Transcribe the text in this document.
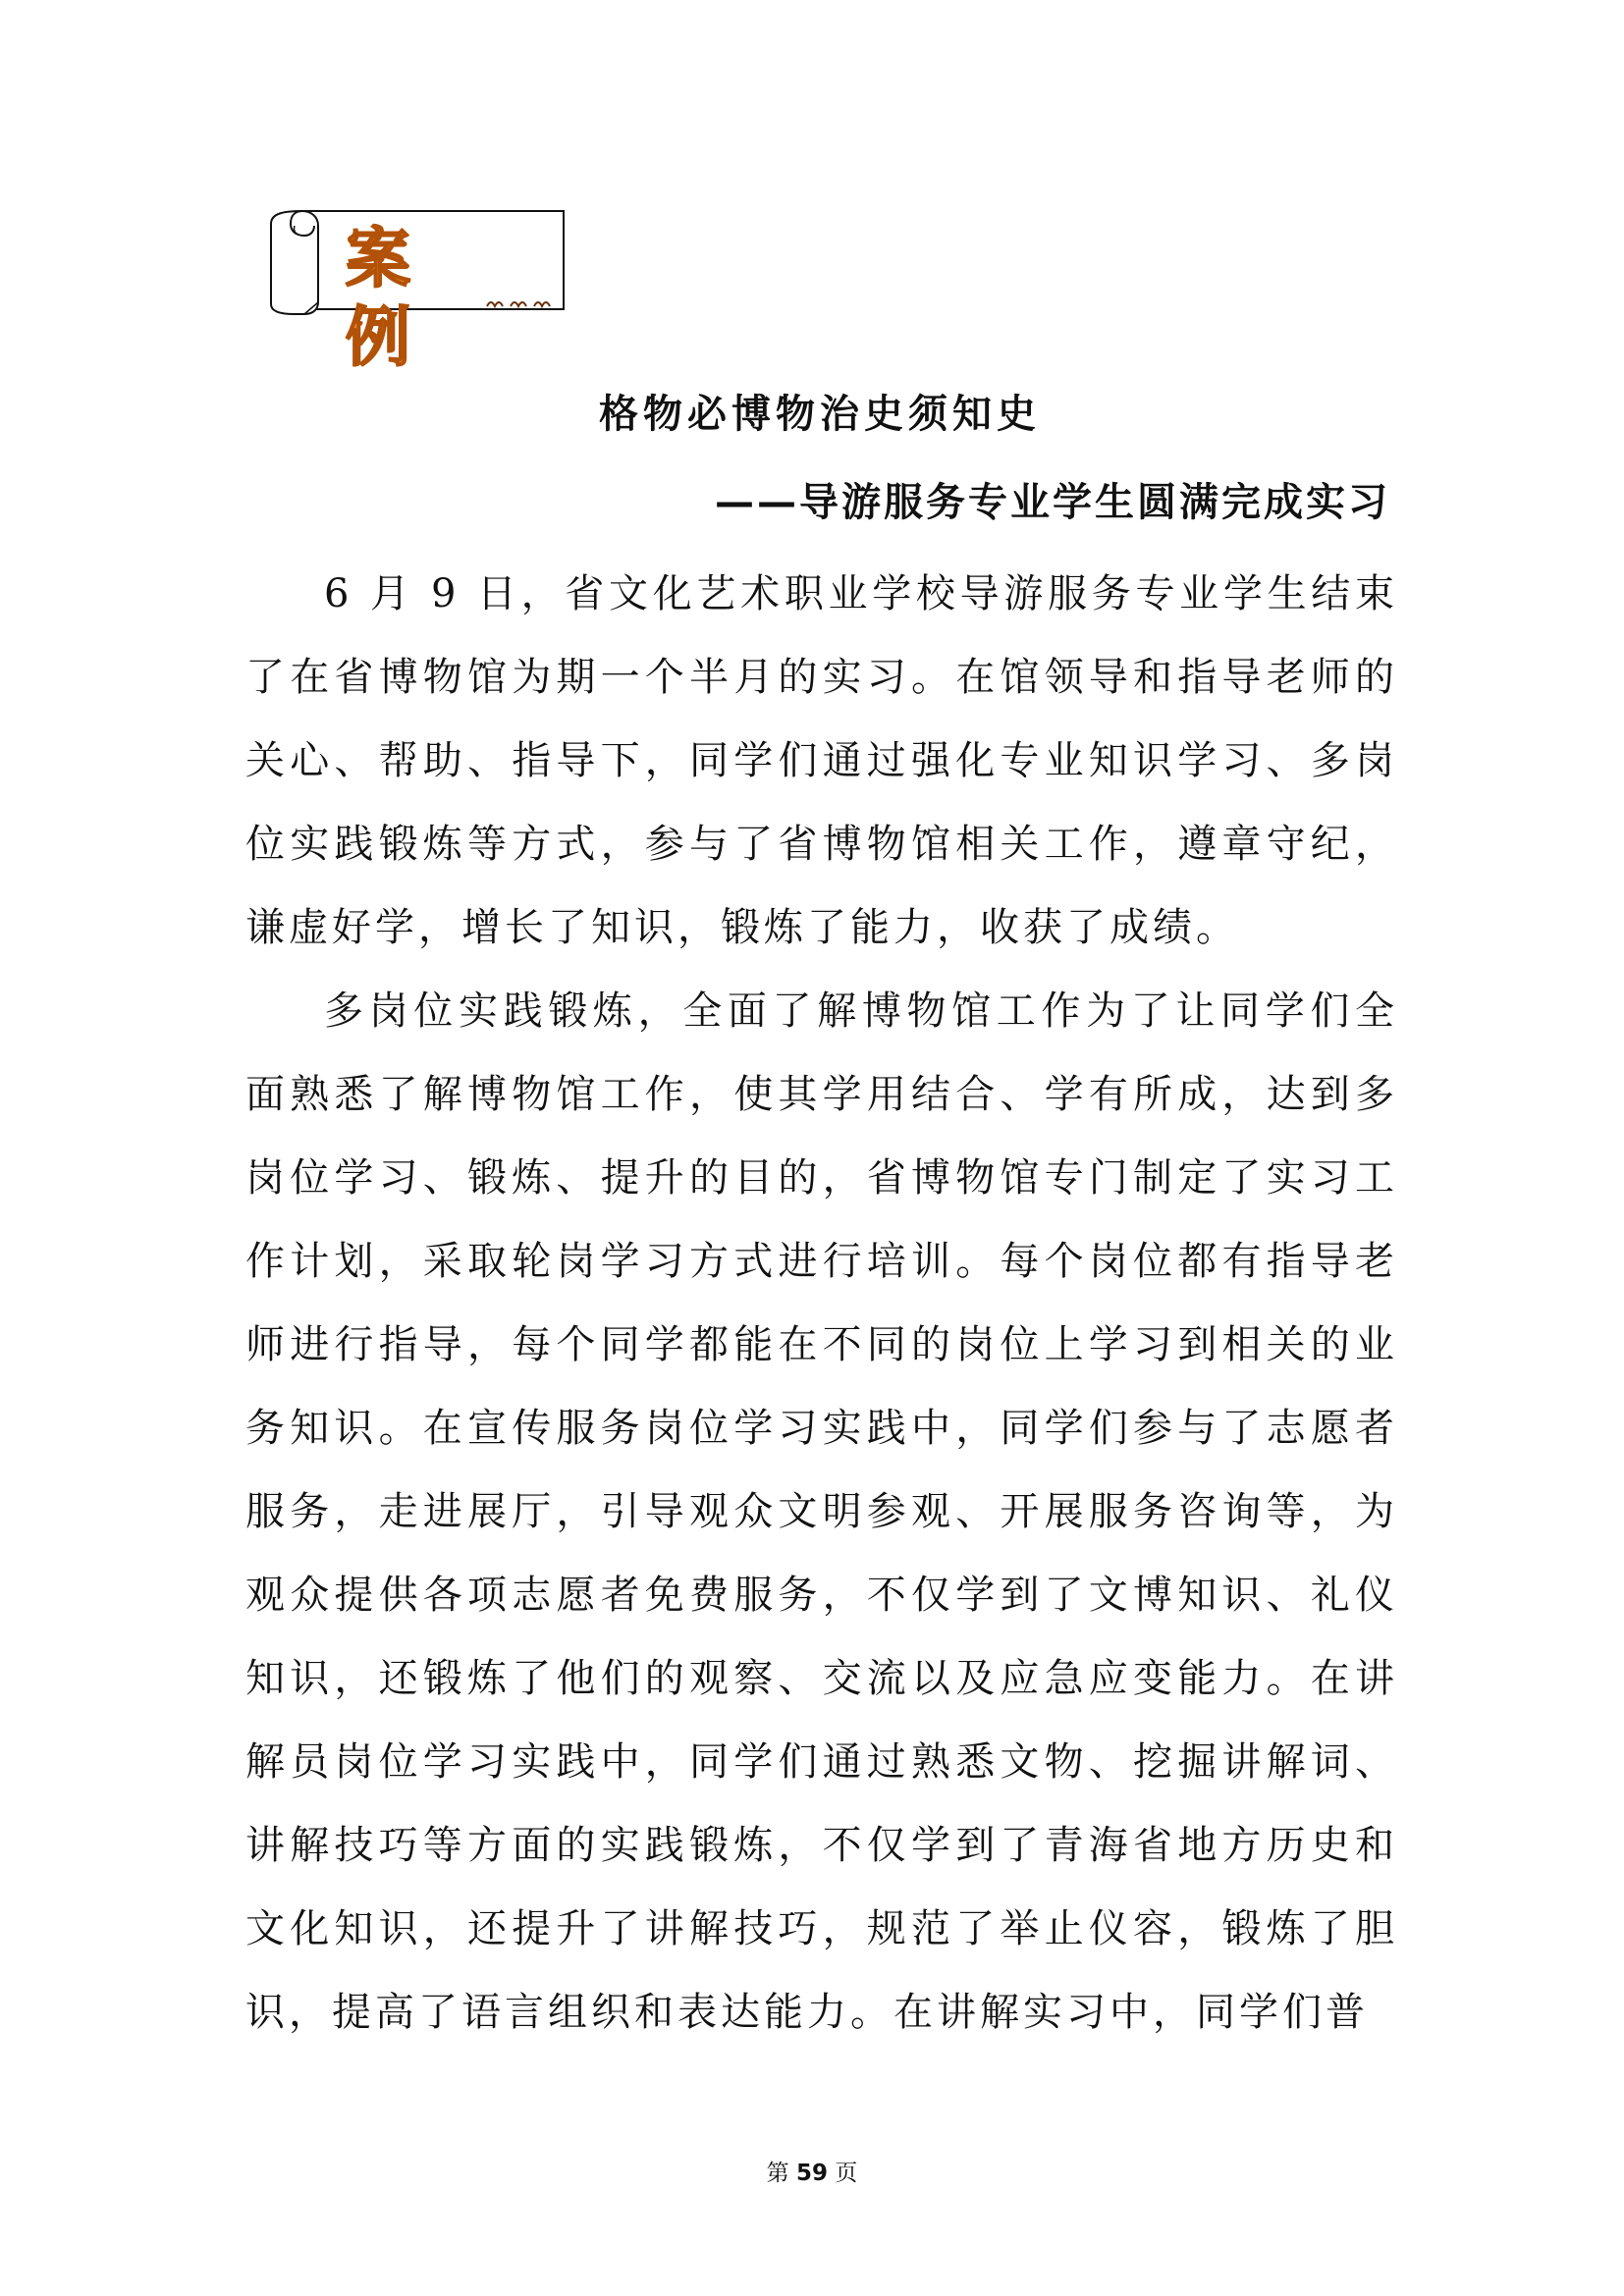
案 例
格物必博物治史须知史
——导游服务专业学生圆满完成实习

6 月 9 日，省文化艺术职业学校导游服务专业学生结束了在省博物馆为期一个半月的实习。在馆领导和指导老师的关心、帮助、指导下，同学们通过强化专业知识学习、多岗位实践锻炼等方式，参与了省博物馆相关工作，遵章守纪，谦虚好学，增长了知识，锻炼了能力，收获了成绩。

多岗位实践锻炼，全面了解博物馆工作为了让同学们全面熟悉了解博物馆工作，使其学用结合、学有所成，达到多岗位学习、锻炼、提升的目的，省博物馆专门制定了实习工作计划，采取轮岗学习方式进行培训。每个岗位都有指导老师进行指导，每个同学都能在不同的岗位上学习到相关的业务知识。在宣传服务岗位学习实践中，同学们参与了志愿者服务，走进展厅，引导观众文明参观、开展服务咨询等，为观众提供各项志愿者免费服务，不仅学到了文博知识、礼仪知识，还锻炼了他们的观察、交流以及应急应变能力。在讲解员岗位学习实践中，同学们通过熟悉文物、挖掘讲解词、讲解技巧等方面的实践锻炼，不仅学到了青海省地方历史和文化知识，还提升了讲解技巧，规范了举止仪容，锻炼了胆识，提高了语言组织和表达能力。在讲解实习中，同学们普

第 59 页
